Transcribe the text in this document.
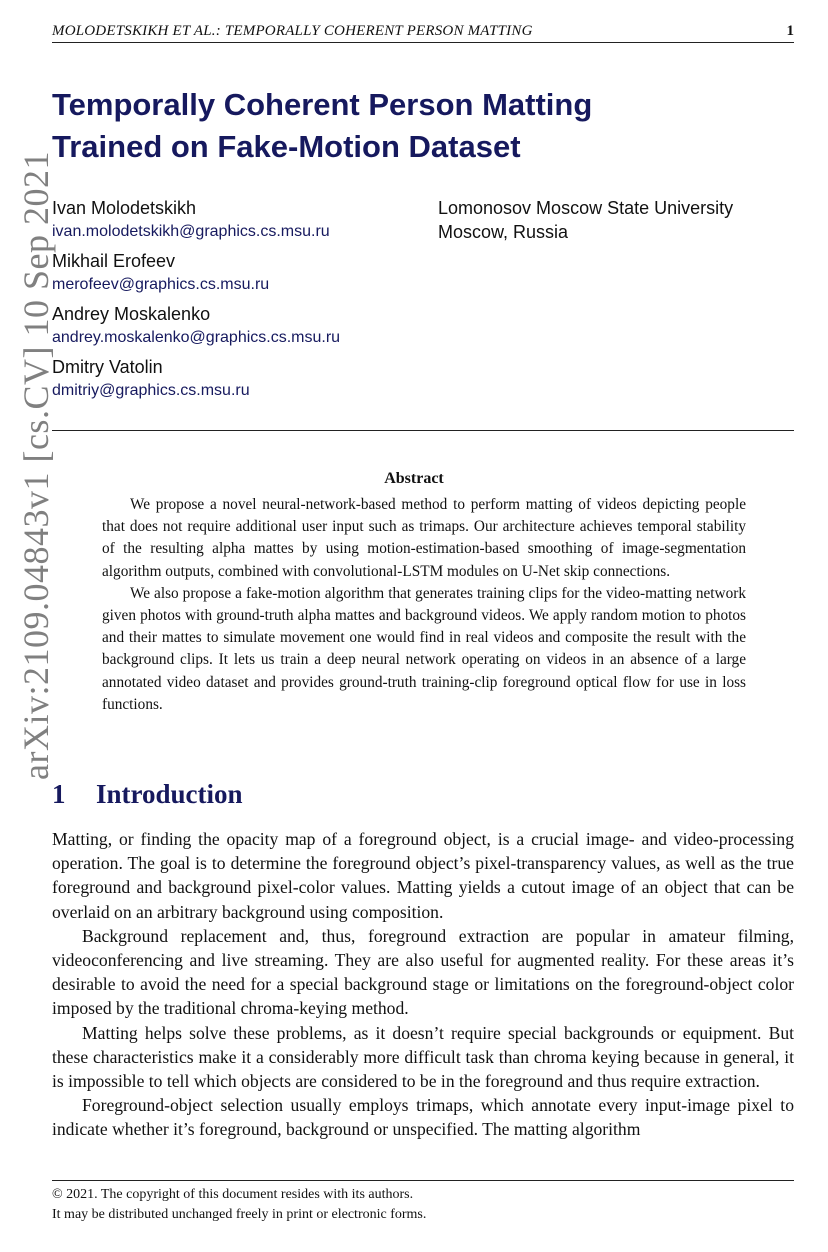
MOLODETSKIKH ET AL.: TEMPORALLY COHERENT PERSON MATTING	1
arXiv:2109.04843v1 [cs.CV] 10 Sep 2021
Temporally Coherent Person Matting
Trained on Fake-Motion Dataset
Ivan Molodetskikh
ivan.molodetskikh@graphics.cs.msu.ru
Mikhail Erofeev
merofeev@graphics.cs.msu.ru
Andrey Moskalenko
andrey.moskalenko@graphics.cs.msu.ru
Dmitry Vatolin
dmitriy@graphics.cs.msu.ru
Lomonosov Moscow State University
Moscow, Russia
Abstract

We propose a novel neural-network-based method to perform matting of videos depicting people that does not require additional user input such as trimaps. Our architecture achieves temporal stability of the resulting alpha mattes by using motion-estimation-based smoothing of image-segmentation algorithm outputs, combined with convolutional-LSTM modules on U-Net skip connections.

We also propose a fake-motion algorithm that generates training clips for the video-matting network given photos with ground-truth alpha mattes and background videos. We apply random motion to photos and their mattes to simulate movement one would find in real videos and composite the result with the background clips. It lets us train a deep neural network operating on videos in an absence of a large annotated video dataset and provides ground-truth training-clip foreground optical flow for use in loss functions.

1 Introduction

Matting, or finding the opacity map of a foreground object, is a crucial image- and video-processing operation. The goal is to determine the foreground object’s pixel-transparency values, as well as the true foreground and background pixel-color values. Matting yields a cutout image of an object that can be overlaid on an arbitrary background using composition.

Background replacement and, thus, foreground extraction are popular in amateur filming, videoconferencing and live streaming. They are also useful for augmented reality. For these areas it’s desirable to avoid the need for a special background stage or limitations on the foreground-object color imposed by the traditional chroma-keying method.

Matting helps solve these problems, as it doesn’t require special backgrounds or equipment. But these characteristics make it a considerably more difficult task than chroma keying because in general, it is impossible to tell which objects are considered to be in the foreground and thus require extraction.

Foreground-object selection usually employs trimaps, which annotate every input-image pixel to indicate whether it’s foreground, background or unspecified. The matting algorithm

© 2021. The copyright of this document resides with its authors.
It may be distributed unchanged freely in print or electronic forms.
